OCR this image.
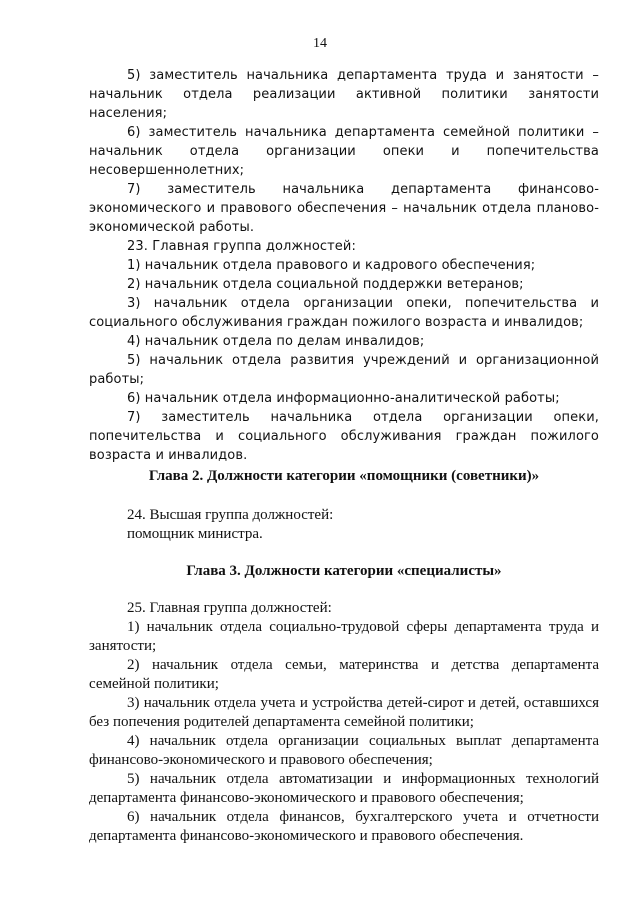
14

5) заместитель начальника департамента труда и занятости – начальник отдела реализации активной политики занятости населения;

6) заместитель начальника департамента семейной политики – начальник отдела организации опеки и попечительства несовершеннолетних;

7) заместитель начальника департамента финансово-экономического и правового обеспечения – начальник отдела планово-экономической работы.

23. Главная группа должностей:

1) начальник отдела правового и кадрового обеспечения;

2) начальник отдела социальной поддержки ветеранов;

3) начальник отдела организации опеки, попечительства и социального обслуживания граждан пожилого возраста и инвалидов;

4) начальник отдела по делам инвалидов;

5) начальник отдела развития учреждений и организационной работы;

6) начальник отдела информационно-аналитической работы;

7) заместитель начальника отдела организации опеки, попечительства и социального обслуживания граждан пожилого возраста и инвалидов.

Глава 2. Должности категории «помощники (советники)»

24. Высшая группа должностей:

помощник министра.

Глава 3. Должности категории «специалисты»

25. Главная группа должностей:

1) начальник отдела социально-трудовой сферы департамента труда и занятости;

2) начальник отдела семьи, материнства и детства департамента семейной политики;

3) начальник отдела учета и устройства детей-сирот и детей, оставшихся без попечения родителей департамента семейной политики;

4) начальник отдела организации социальных выплат департамента финансово-экономического и правового обеспечения;

5) начальник отдела автоматизации и информационных технологий департамента финансово-экономического и правового обеспечения;

6) начальник отдела финансов, бухгалтерского учета и отчетности департамента финансово-экономического и правового обеспечения.
